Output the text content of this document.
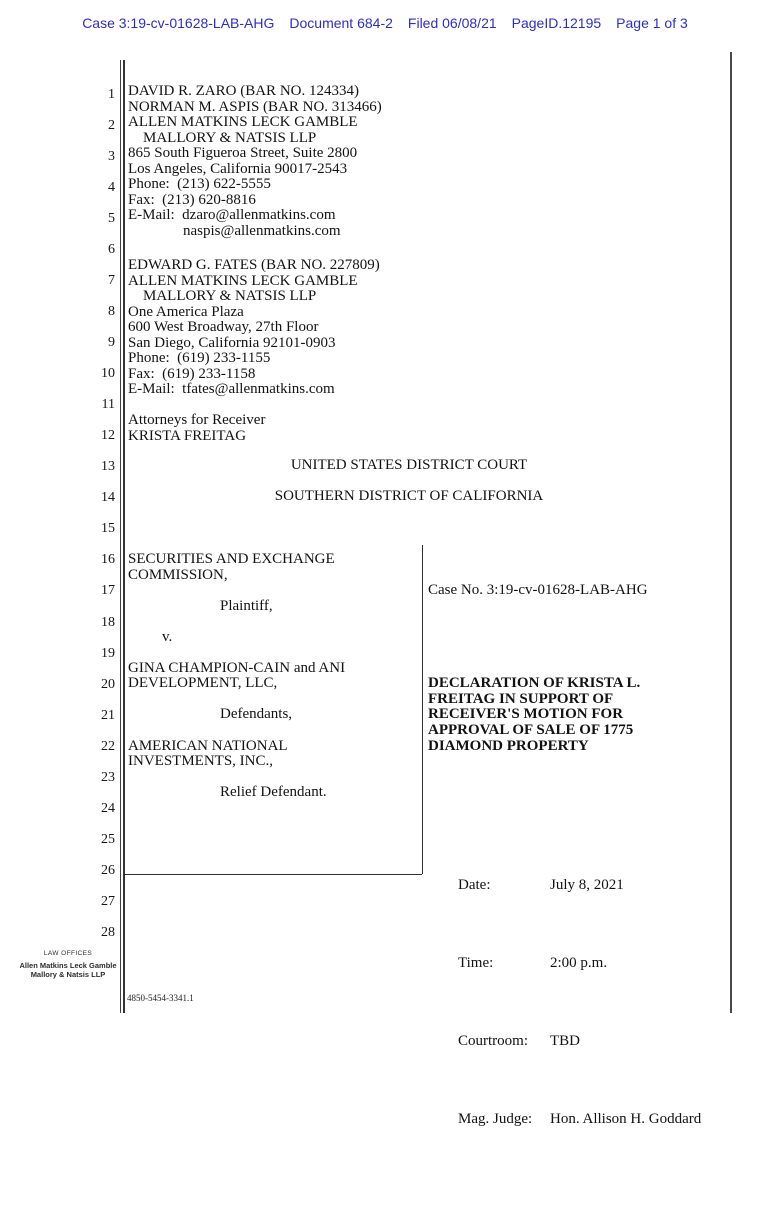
Case 3:19-cv-01628-LAB-AHG Document 684-2 Filed 06/08/21 PageID.12195 Page 1 of 3
DAVID R. ZARO (BAR NO. 124334)
NORMAN M. ASPIS (BAR NO. 313466)
ALLEN MATKINS LECK GAMBLE
MALLORY & NATSIS LLP
865 South Figueroa Street, Suite 2800
Los Angeles, California 90017-2543
Phone:  (213) 622-5555
Fax:  (213) 620-8816
E-Mail:  dzaro@allenmatkins.com
naspis@allenmatkins.com
EDWARD G. FATES (BAR NO. 227809)
ALLEN MATKINS LECK GAMBLE
MALLORY & NATSIS LLP
One America Plaza
600 West Broadway, 27th Floor
San Diego, California 92101-0903
Phone:  (619) 233-1155
Fax:  (619) 233-1158
E-Mail:  tfates@allenmatkins.com
Attorneys for Receiver
KRISTA FREITAG
UNITED STATES DISTRICT COURT
SOUTHERN DISTRICT OF CALIFORNIA
SECURITIES AND EXCHANGE
COMMISSION,

Plaintiff,

v.

GINA CHAMPION-CAIN and ANI
DEVELOPMENT, LLC,

Defendants,

AMERICAN NATIONAL
INVESTMENTS, INC.,

Relief Defendant.

Case No. 3:19-cv-01628-LAB-AHG

DECLARATION OF KRISTA L.
FREITAG IN SUPPORT OF
RECEIVER'S MOTION FOR
APPROVAL OF SALE OF 1775
DIAMOND PROPERTY

Date:	July 8, 2021

Time:	2:00 p.m.

Courtroom: TBD

Mag. Judge: Hon. Allison H. Goddard

LAW OFFICES
Allen Matkins Leck Gamble
Mallory & Natsis LLP
4850-5454-3341.1
1
2
3
4
5
6
7
8
9
10
11
12
13
14
15
16
17
18
19
20
21
22
23
24
25
26
27
28
